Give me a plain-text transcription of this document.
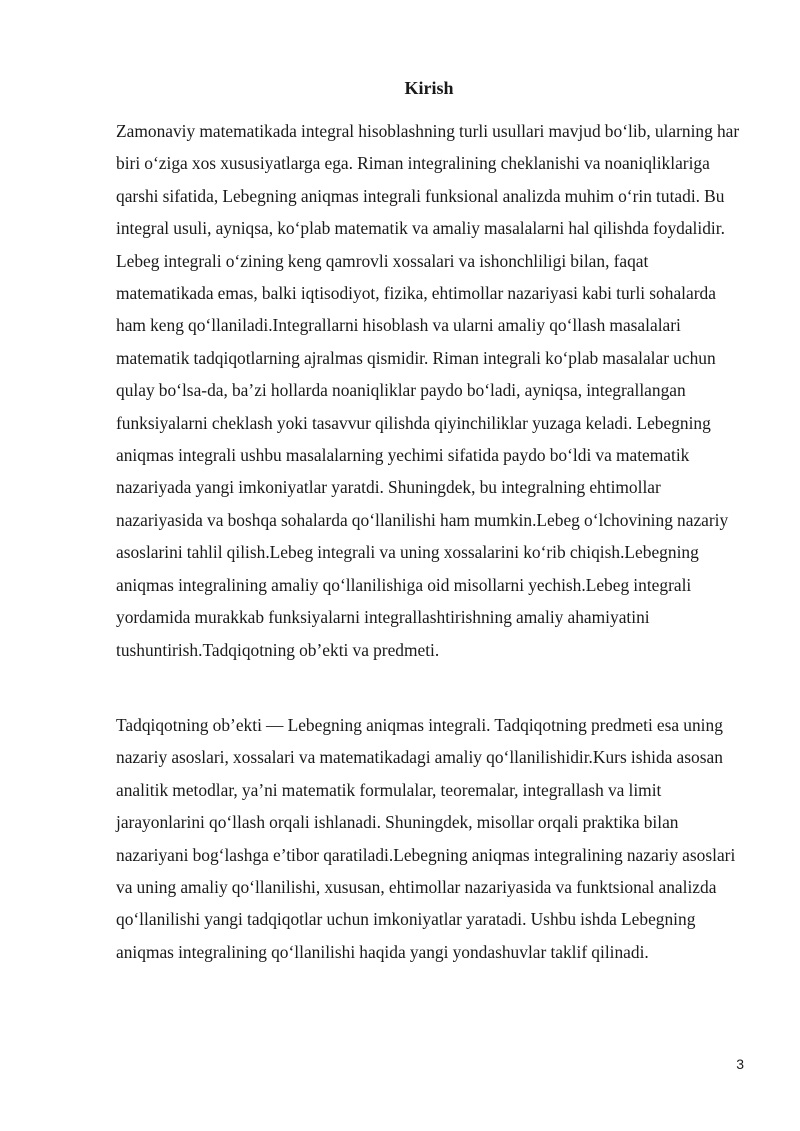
Kirish

Zamonaviy matematikada integral hisoblashning turli usullari mavjud bo‘lib, ularning har biri o‘ziga xos xususiyatlarga ega. Riman integralining cheklanishi va noaniqliklariga qarshi sifatida, Lebegning aniqmas integrali funksional analizda muhim o‘rin tutadi. Bu integral usuli, ayniqsa, ko‘plab matematik va amaliy masalalarni hal qilishda foydalidir. Lebeg integrali o‘zining keng qamrovli xossalari va ishonchliligi bilan, faqat matematikada emas, balki iqtisodiyot, fizika, ehtimollar nazariyasi kabi turli sohalarda ham keng qo‘llaniladi.Integrallarni hisoblash va ularni amaliy qo‘llash masalalari matematik tadqiqotlarning ajralmas qismidir. Riman integrali ko‘plab masalalar uchun qulay bo‘lsa-da, ba’zi hollarda noaniqliklar paydo bo‘ladi, ayniqsa, integrallangan funksiyalarni cheklash yoki tasavvur qilishda qiyinchiliklar yuzaga keladi. Lebegning aniqmas integrali ushbu masalalarning yechimi sifatida paydo bo‘ldi va matematik nazariyada yangi imkoniyatlar yaratdi. Shuningdek, bu integralning ehtimollar nazariyasida va boshqa sohalarda qo‘llanilishi ham mumkin.Lebeg o‘lchovining nazariy asoslarini tahlil qilish.Lebeg integrali va uning xossalarini ko‘rib chiqish.Lebegning aniqmas integralining amaliy qo‘llanilishiga oid misollarni yechish.Lebeg integrali yordamida murakkab funksiyalarni integrallashtirishning amaliy ahamiyatini tushuntirish.Tadqiqotning ob’ekti va predmeti.

Tadqiqotning ob’ekti — Lebegning aniqmas integrali. Tadqiqotning predmeti esa uning nazariy asoslari, xossalari va matematikadagi amaliy qo‘llanilishidir.Kurs ishida asosan analitik metodlar, ya’ni matematik formulalar, teoremalar, integrallash va limit jarayonlarini qo‘llash orqali ishlanadi. Shuningdek, misollar orqali praktika bilan nazariyani bog‘lashga e’tibor qaratiladi.Lebegning aniqmas integralining nazariy asoslari va uning amaliy qo‘llanilishi, xususan, ehtimollar nazariyasida va funktsional analizda qo‘llanilishi yangi tadqiqotlar uchun imkoniyatlar yaratadi. Ushbu ishda Lebegning aniqmas integralining qo‘llanilishi haqida yangi yondashuvlar taklif qilinadi.

3
